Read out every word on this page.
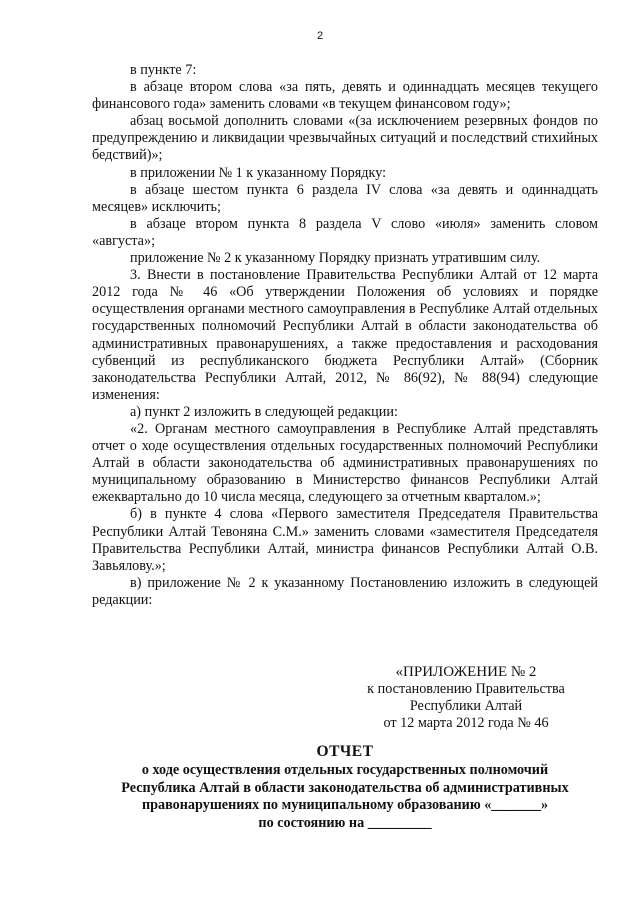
2

в пункте 7:

в абзаце втором слова «за пять, девять и одиннадцать месяцев текущего финансового года» заменить словами «в текущем финансовом году»;

абзац восьмой дополнить словами «(за исключением резервных фондов по предупреждению и ликвидации чрезвычайных ситуаций и последствий стихийных бедствий)»;

в приложении № 1 к указанному Порядку:

в абзаце шестом пункта 6 раздела IV слова «за девять и одиннадцать месяцев» исключить;

в абзаце втором пункта 8 раздела V слово «июля» заменить словом «августа»;

приложение № 2 к указанному Порядку признать утратившим силу.

3. Внести в постановление Правительства Республики Алтай от 12 марта 2012 года № 46 «Об утверждении Положения об условиях и порядке осуществления органами местного самоуправления в Республике Алтай отдельных государственных полномочий Республики Алтай в области законодательства об административных правонарушениях, а также предоставления и расходования субвенций из республиканского бюджета Республики Алтай» (Сборник законодательства Республики Алтай, 2012, № 86(92), № 88(94) следующие изменения:

а) пункт 2 изложить в следующей редакции:

«2. Органам местного самоуправления в Республике Алтай представлять отчет о ходе осуществления отдельных государственных полномочий Республики Алтай в области законодательства об административных правонарушениях по муниципальному образованию в Министерство финансов Республики Алтай ежеквартально до 10 числа месяца, следующего за отчетным кварталом.»;

б) в пункте 4 слова «Первого заместителя Председателя Правительства Республики Алтай Тевоняна С.М.» заменить словами «заместителя Председателя Правительства Республики Алтай, министра финансов Республики Алтай О.В. Завьялову.»;

в) приложение № 2 к указанному Постановлению изложить в следующей редакции:

«ПРИЛОЖЕНИЕ № 2
к постановлению Правительства
Республики Алтай
от 12 марта 2012 года № 46
ОТЧЕТ
о ходе осуществления отдельных государственных полномочий
Республика Алтай в области законодательства об административных
правонарушениях по муниципальному образованию «_______»
по состоянию на _________
